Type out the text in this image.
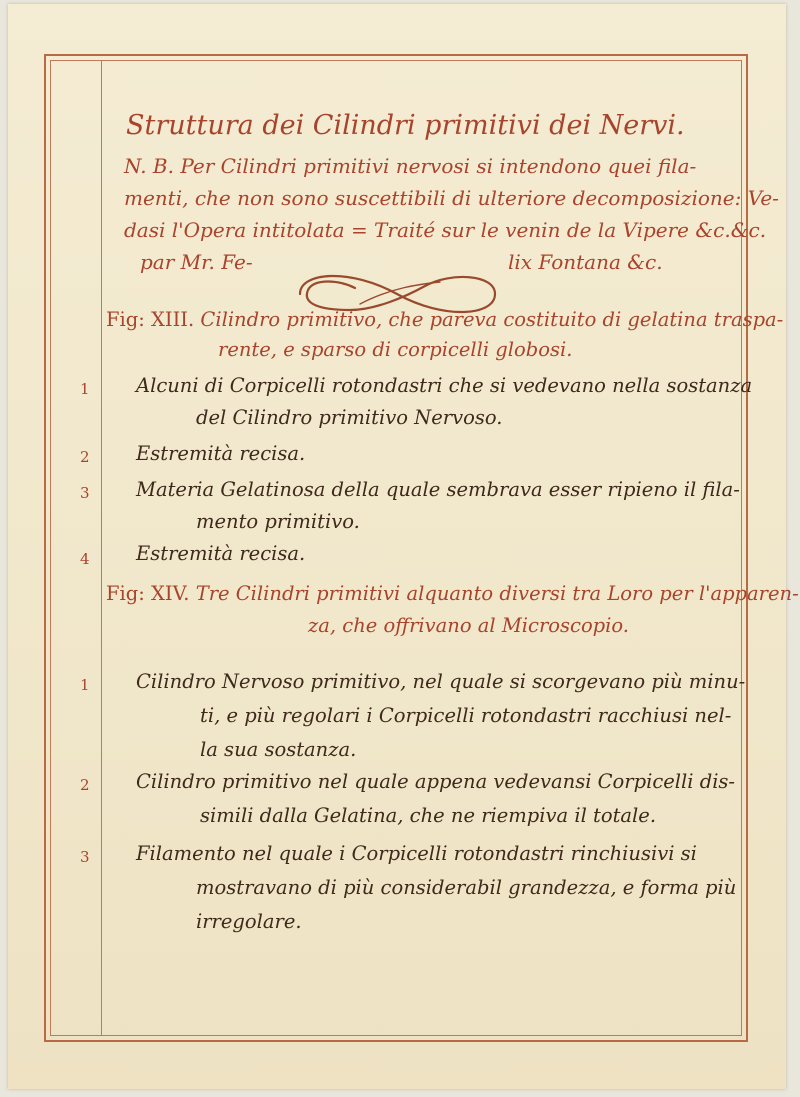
Struttura dei Cilindri primitivi dei Nervi.

N. B. Per Cilindri primitivi nervosi si intendono quei fila-

menti, che non sono suscettibili di ulteriore decomposizione: Ve-

dasi l'Opera intitolata = Traité sur le venin de la Vipere &c.&c.

par Mr. Fe-	lix Fontana &c.

Fig: XIII. Cilindro primitivo, che pareva costituito di gelatina traspa-

rente, e sparso di corpicelli globosi.

1 Alcuni di Corpicelli rotondastri che si vedevano nella sostanza

del Cilindro primitivo Nervoso.

2 Estremità recisa.

3 Materia Gelatinosa della quale sembrava esser ripieno il fila-

mento primitivo.

4 Estremità recisa.

Fig: XIV. Tre Cilindri primitivi alquanto diversi tra Loro per l'apparen-

za, che offrivano al Microscopio.

1 Cilindro Nervoso primitivo, nel quale si scorgevano più minu-

ti, e più regolari i Corpicelli rotondastri racchiusi nel-

la sua sostanza.

2 Cilindro primitivo nel quale appena vedevansi Corpicelli dis-

simili dalla Gelatina, che ne riempiva il totale.

3 Filamento nel quale i Corpicelli rotondastri rinchiusivi si

mostravano di più considerabil grandezza, e forma più

irregolare.
